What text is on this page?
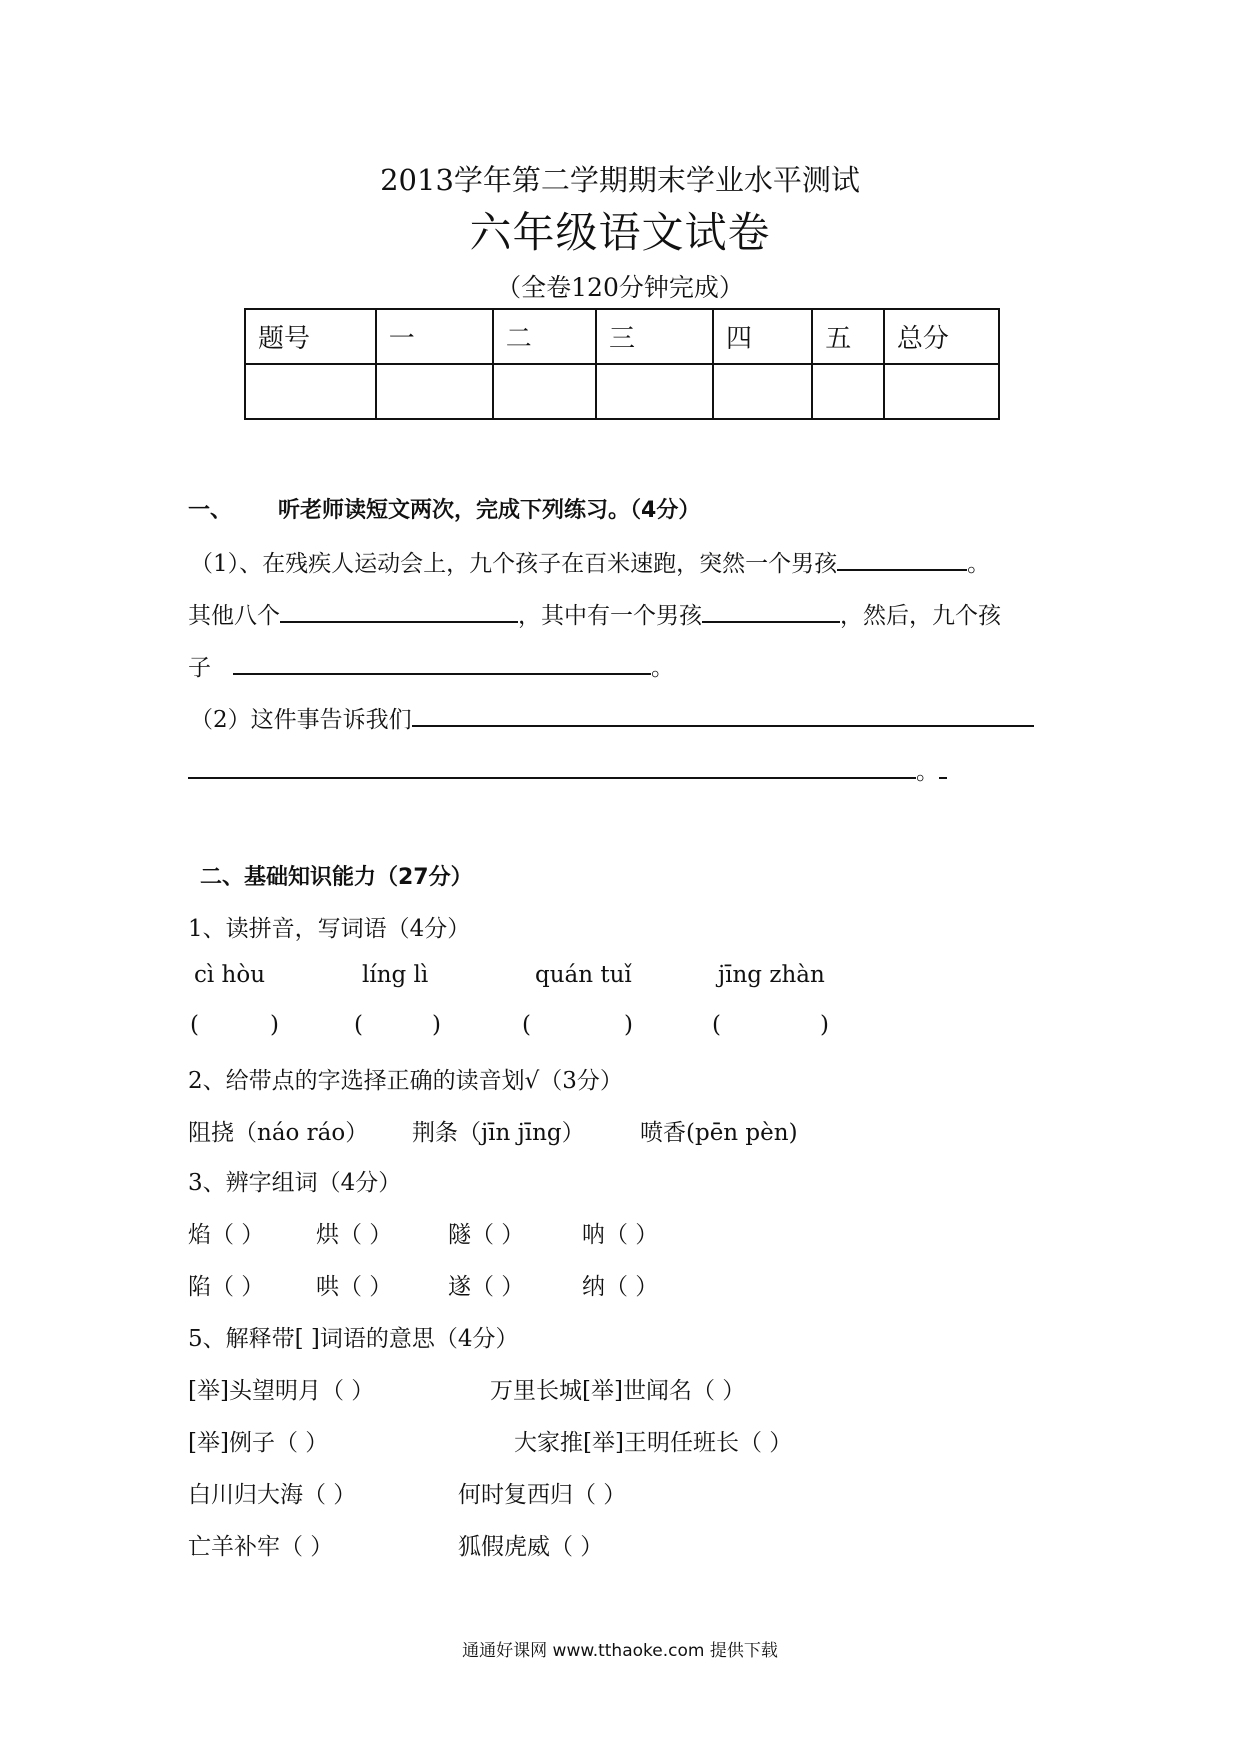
2013学年第二学期期末学业水平测试
六年级语文试卷
（全卷120分钟完成）
题号	一	二	三	四	五	总分

一、 听老师读短文两次，完成下列练习。（4分）
（1）、在残疾人运动会上，九个孩子在百米速跑，突然一个男孩	。
其他八个	，其中有一个男孩	，然后，九个孩
子	。
（2）这件事告诉我们
。
二、基础知识能力（27分）
1、读拼音，写词语（4分）
cì hòu	líng lì	quán tuǐ	jīng zhàn
(	)	(	)	(	)	(	)
2、给带点的字选择正确的读音划√（3分）
阻挠（náo ráo） 荆条（jīn jīng） 喷香(pēn pèn)
3、辨字组词（4分）
焰（ ） 烘（ ） 隧（ ）	呐（ ）
陷（ ） 哄（ ） 遂（ ）	纳（ ）
5、解释带[ ]词语的意思（4分）
[举]头望明月（ ）	万里长城[举]世闻名（ ）
[举]例子（ ）	大家推[举]王明任班长（ ）
白川归大海（ ）	何时复西归（ ）
亡羊补牢（ ）	狐假虎威（ ）
通通好课网 www.tthaoke.com 提供下载
